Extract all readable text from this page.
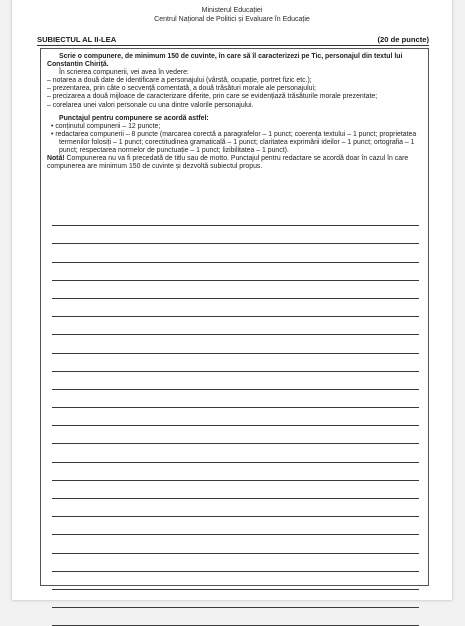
Ministerul Educației
Centrul Național de Politici și Evaluare în Educație
SUBIECTUL AL II-LEA	(20 de puncte)

Scrie o compunere, de minimum 150 de cuvinte, în care să îl caracterizezi pe Tic, personajul din textul lui Constantin Chiriță.

În scrierea compunerii, vei avea în vedere:

– notarea a două date de identificare a personajului (vârstă, ocupație, portret fizic etc.);

– prezentarea, prin câte o secvență comentată, a două trăsături morale ale personajului;

– precizarea a două mijloace de caracterizare diferite, prin care se evidențiază trăsăturile morale prezentate;

– corelarea unei valori personale cu una dintre valorile personajului.

Punctajul pentru compunere se acordă astfel:

• conținutul compunerii – 12 puncte;

• redactarea compunerii – 8 puncte (marcarea corectă a paragrafelor – 1 punct; coerența textului – 1 punct; proprietatea termenilor folosiți – 1 punct; corectitudinea gramaticală – 1 punct; claritatea exprimării ideilor – 1 punct; ortografia – 1 punct; respectarea normelor de punctuație – 1 punct; lizibilitatea – 1 punct).

Notă! Compunerea nu va fi precedată de titlu sau de motto. Punctajul pentru redactare se acordă doar în cazul în care compunerea are minimum 150 de cuvinte și dezvoltă subiectul propus.
